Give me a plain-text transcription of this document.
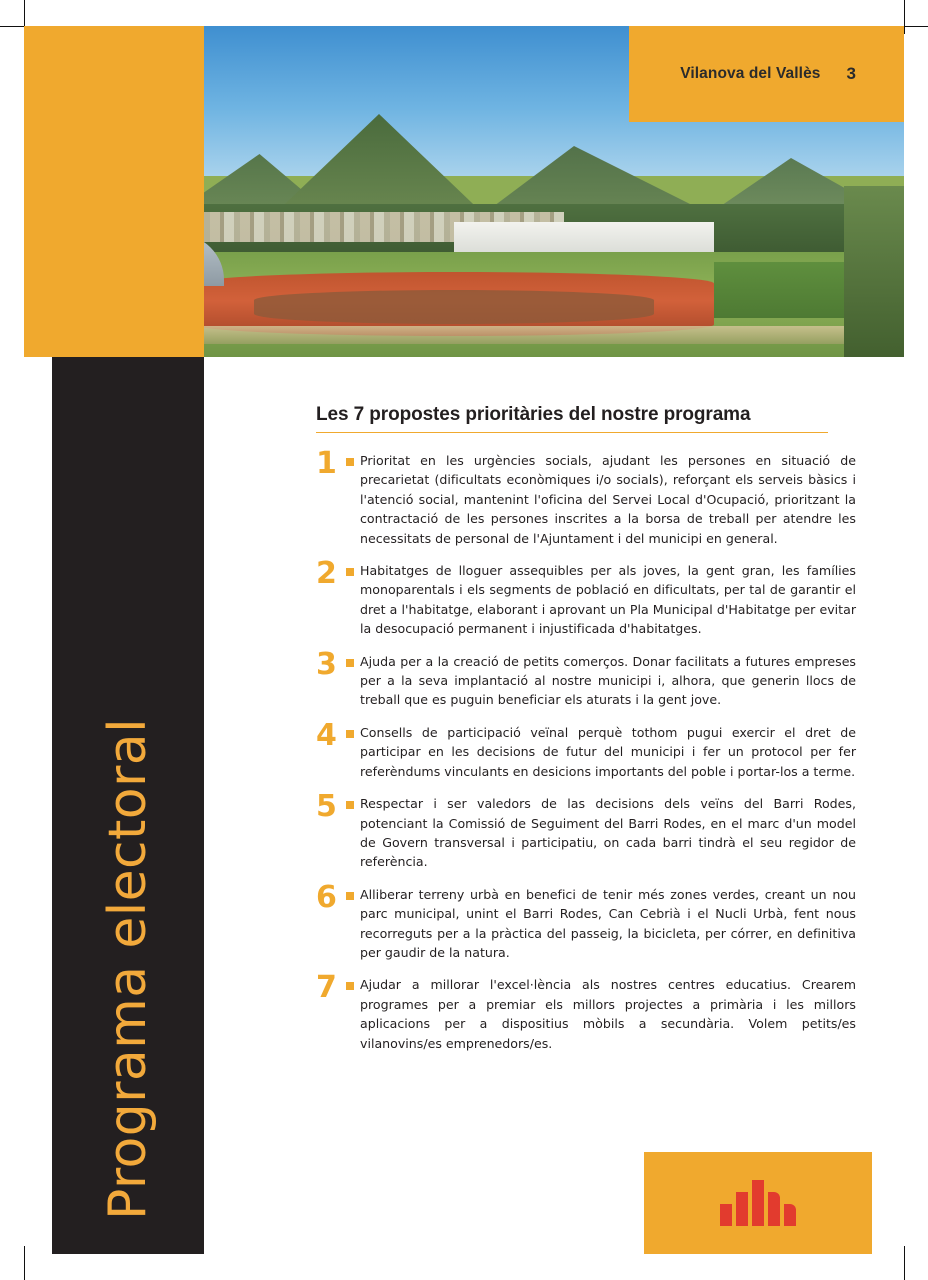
Vilanova del Vallès 3
Programa electoral
Les 7 propostes prioritàries del nostre programa
1	Prioritat en les urgències socials, ajudant les persones en situació de precarietat (dificultats econòmiques i/o socials), reforçant els serveis bàsics i l'atenció social, mantenint l'oficina del Servei Local d'Ocupació, prioritzant la contractació de les persones inscrites a la borsa de treball per atendre les necessitats de personal de l'Ajuntament i del municipi en general.
2	Habitatges de lloguer assequibles per als joves, la gent gran, les famílies monoparentals i els segments de població en dificultats, per tal de garantir el dret a l'habitatge, elaborant i aprovant un Pla Municipal d'Habitatge per evitar la desocupació permanent i injustificada d'habitatges.
3	Ajuda per a la creació de petits comerços. Donar facilitats a futures empreses per a la seva implantació al nostre municipi i, alhora, que generin llocs de treball que es puguin beneficiar els aturats i la gent jove.
4	Consells de participació veïnal perquè tothom pugui exercir el dret de participar en les decisions de futur del municipi i fer un protocol per fer referèndums vinculants en desicions importants del poble i portar-los a terme.
5	Respectar i ser valedors de las decisions dels veïns del Barri Rodes, potenciant la Comissió de Seguiment del Barri Rodes, en el marc d'un model de Govern transversal i participatiu, on cada barri tindrà el seu regidor de referència.
6	Alliberar terreny urbà en benefici de tenir més zones verdes, creant un nou parc municipal, unint el Barri Rodes, Can Cebrià i el Nucli Urbà, fent nous recorreguts per a la pràctica del passeig, la bicicleta, per córrer, en definitiva per gaudir de la natura.
7	Ajudar a millorar l'excel·lència als nostres centres educatius. Crearem programes per a premiar els millors projectes a primària i les millors aplicacions per a dispositius mòbils a secundària. Volem petits/es vilanovins/es emprenedors/es.
